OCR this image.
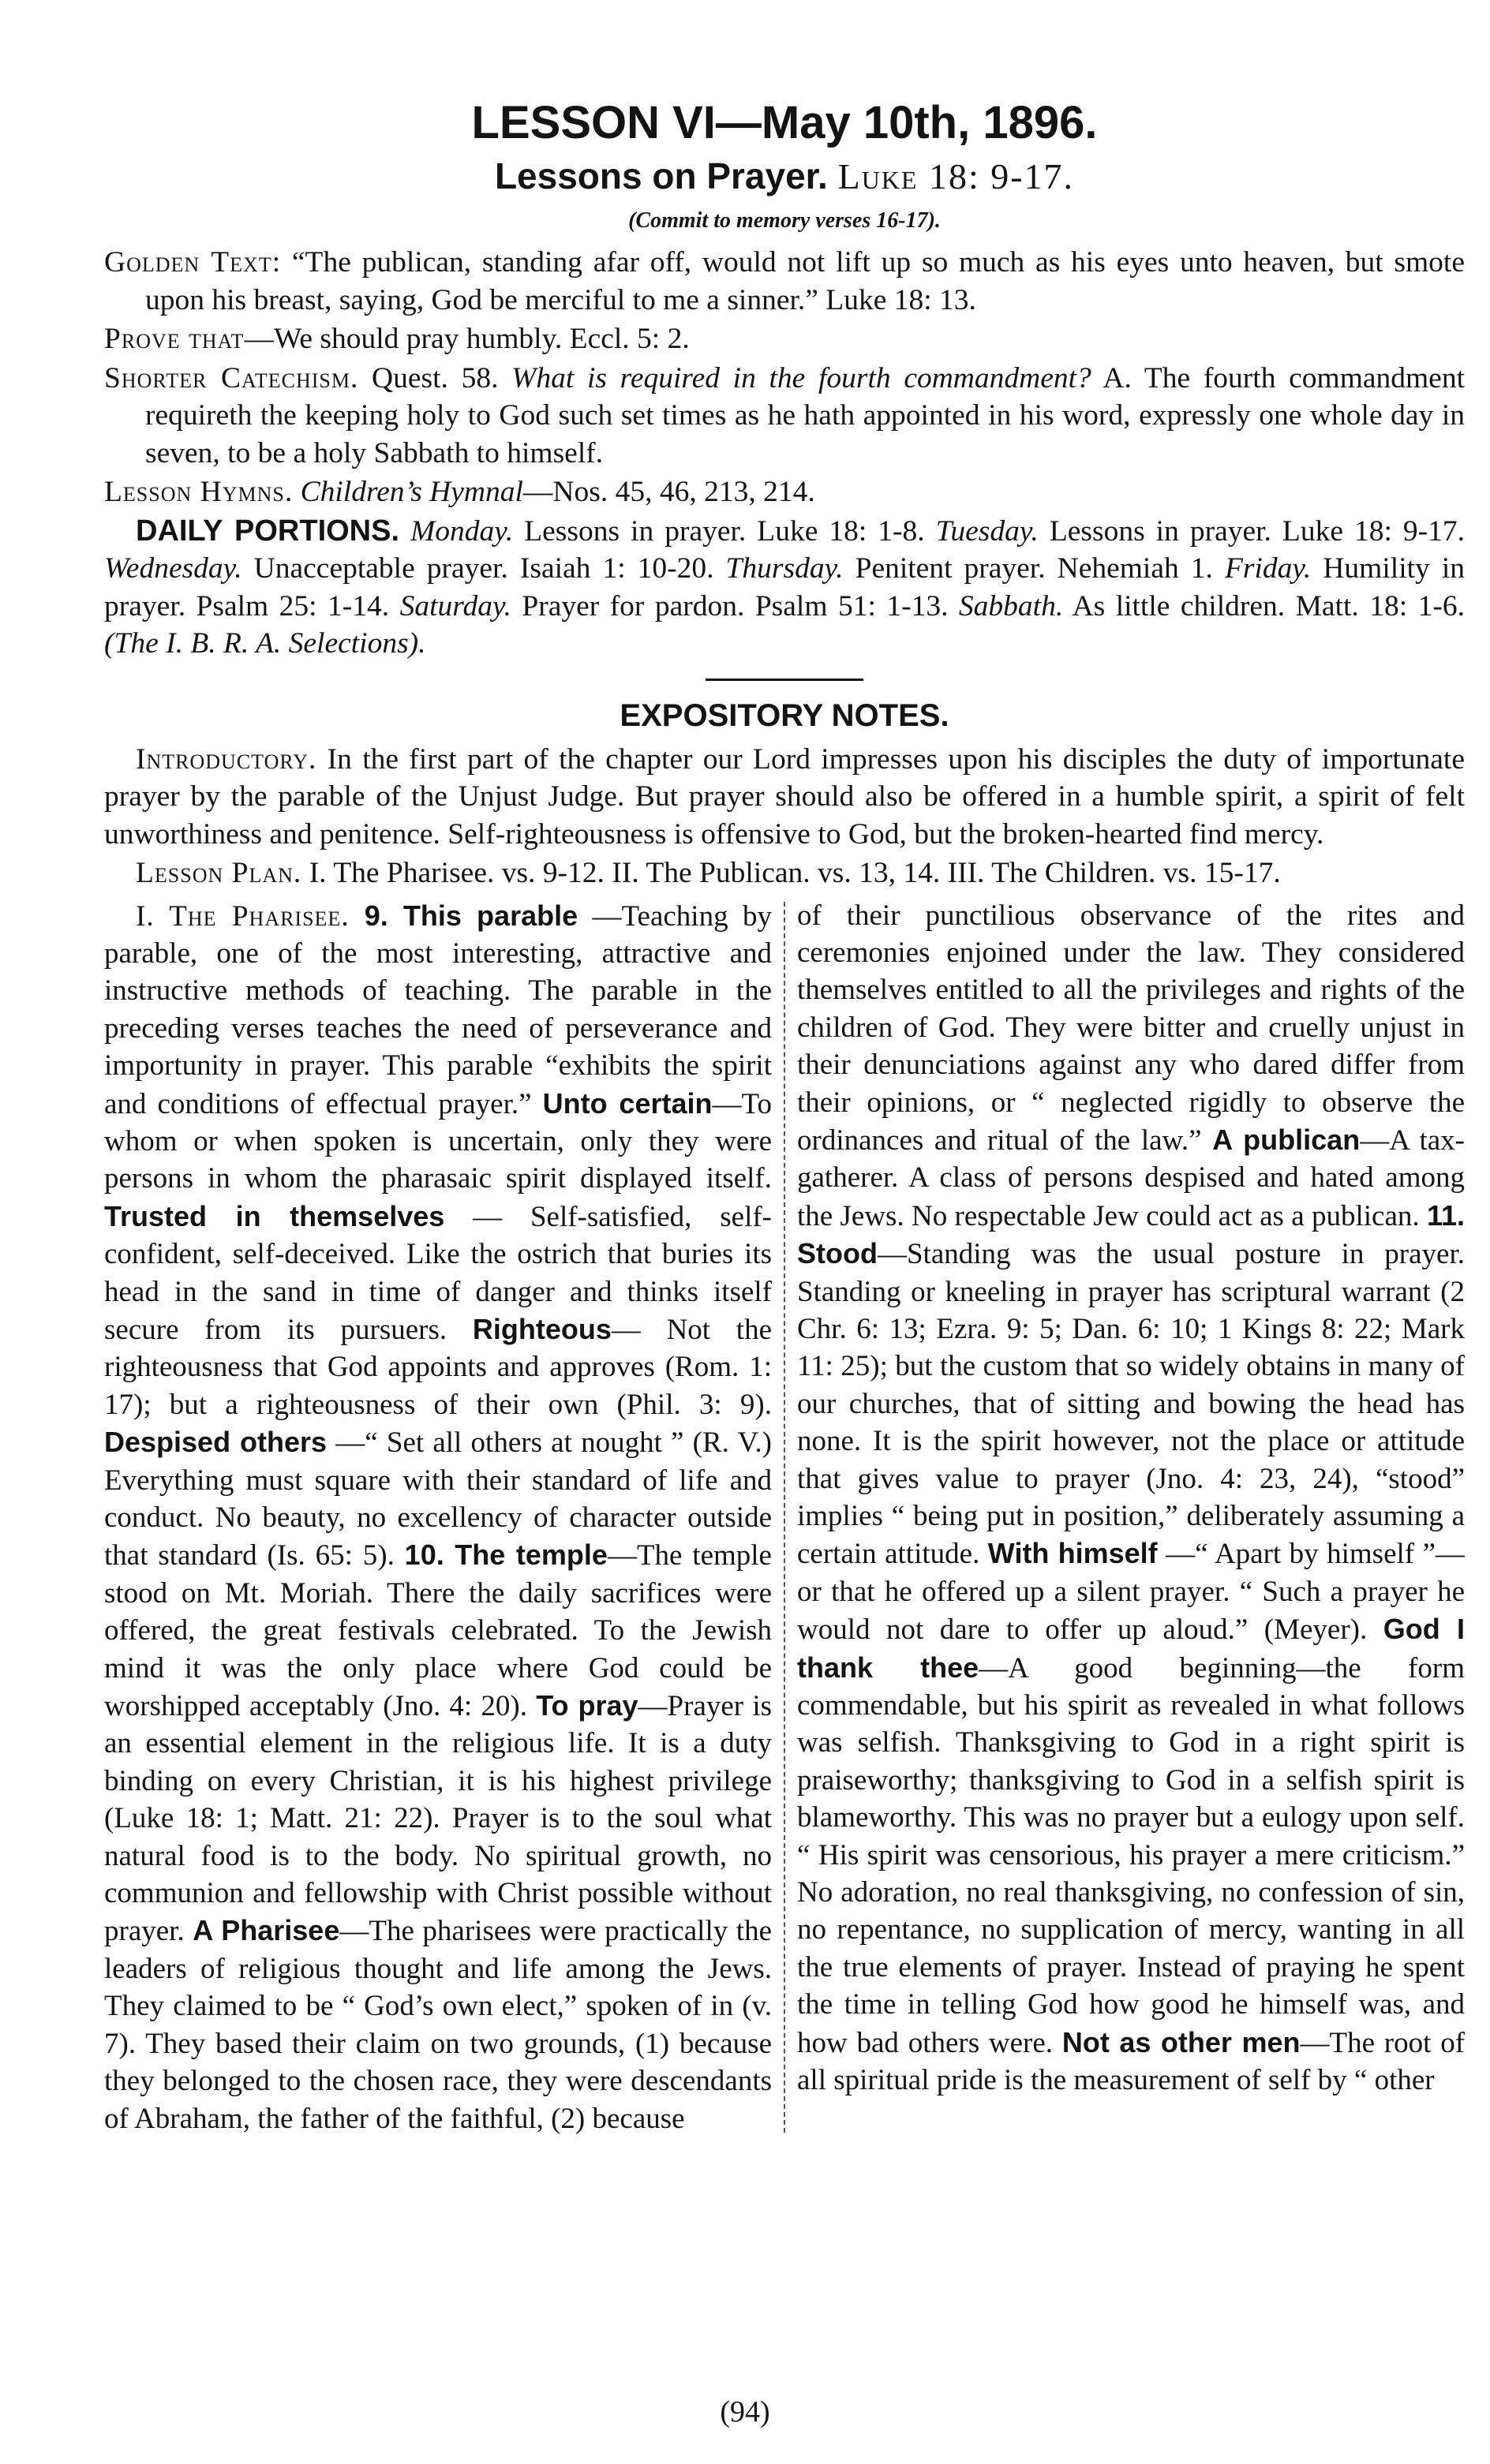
LESSON VI—May 10th, 1896.
Lessons on Prayer. Luke 18: 9-17.

(Commit to memory verses 16-17).

Golden Text: “The publican, standing afar off, would not lift up so much as his eyes unto heaven, but smote upon his breast, saying, God be merciful to me a sinner.” Luke 18: 13.

Prove that—We should pray humbly. Eccl. 5: 2.

Shorter Catechism. Quest. 58. What is required in the fourth commandment? A. The fourth commandment requireth the keeping holy to God such set times as he hath appointed in his word, expressly one whole day in seven, to be a holy Sabbath to himself.

Lesson Hymns. Children’s Hymnal—Nos. 45, 46, 213, 214.

DAILY PORTIONS. Monday. Lessons in prayer. Luke 18: 1-8. Tuesday. Lessons in prayer. Luke 18: 9-17. Wednesday. Unacceptable prayer. Isaiah 1: 10-20. Thursday. Penitent prayer. Nehemiah 1. Friday. Humility in prayer. Psalm 25: 1-14. Saturday. Prayer for pardon. Psalm 51: 1-13. Sabbath. As little children. Matt. 18: 1-6. (The I. B. R. A. Selections).

EXPOSITORY NOTES.

Introductory. In the first part of the chapter our Lord impresses upon his disciples the duty of importunate prayer by the parable of the Unjust Judge. But prayer should also be offered in a humble spirit, a spirit of felt unworthiness and penitence. Self-righteousness is offensive to God, but the broken-hearted find mercy.

Lesson Plan. I. The Pharisee. vs. 9-12. II. The Publican. vs. 13, 14. III. The Children. vs. 15-17.

I. The Pharisee. 9. This parable —Teaching by parable, one of the most interesting, attractive and instructive methods of teaching. The parable in the preceding verses teaches the need of perseverance and importunity in prayer. This parable “exhibits the spirit and conditions of effectual prayer.” Unto certain—To whom or when spoken is uncertain, only they were persons in whom the pharasaic spirit displayed itself. Trusted in themselves — Self-satisfied, self-confident, self-deceived. Like the ostrich that buries its head in the sand in time of danger and thinks itself secure from its pursuers. Righteous— Not the righteousness that God appoints and approves (Rom. 1: 17); but a righteousness of their own (Phil. 3: 9). Despised others —“ Set all others at nought ” (R. V.) Everything must square with their standard of life and conduct. No beauty, no excellency of character outside that standard (Is. 65: 5). 10. The temple—The temple stood on Mt. Moriah. There the daily sacrifices were offered, the great festivals celebrated. To the Jewish mind it was the only place where God could be worshipped acceptably (Jno. 4: 20). To pray—Prayer is an essential element in the religious life. It is a duty binding on every Christian, it is his highest privilege (Luke 18: 1; Matt. 21: 22). Prayer is to the soul what natural food is to the body. No spiritual growth, no communion and fellowship with Christ possible without prayer. A Pharisee—The pharisees were practically the leaders of religious thought and life among the Jews. They claimed to be “ God’s own elect,” spoken of in (v. 7). They based their claim on two grounds, (1) because they belonged to the chosen race, they were descendants of Abraham, the father of the faithful, (2) because
of their punctilious observance of the rites and ceremonies enjoined under the law. They considered themselves entitled to all the privileges and rights of the children of God. They were bitter and cruelly unjust in their denunciations against any who dared differ from their opinions, or “ neglected rigidly to observe the ordinances and ritual of the law.” A publican—A tax-gatherer. A class of persons despised and hated among the Jews. No respectable Jew could act as a publican. 11. Stood—Standing was the usual posture in prayer. Standing or kneeling in prayer has scriptural warrant (2 Chr. 6: 13; Ezra. 9: 5; Dan. 6: 10; 1 Kings 8: 22; Mark 11: 25); but the custom that so widely obtains in many of our churches, that of sitting and bowing the head has none. It is the spirit however, not the place or attitude that gives value to prayer (Jno. 4: 23, 24), “stood” implies “ being put in position,” deliberately assuming a certain attitude. With himself —“ Apart by himself ”—or that he offered up a silent prayer. “ Such a prayer he would not dare to offer up aloud.” (Meyer). God I thank thee—A good beginning—the form commendable, but his spirit as revealed in what follows was selfish. Thanksgiving to God in a right spirit is praiseworthy; thanksgiving to God in a selfish spirit is blameworthy. This was no prayer but a eulogy upon self. “ His spirit was censorious, his prayer a mere criticism.” No adoration, no real thanksgiving, no confession of sin, no repentance, no supplication of mercy, wanting in all the true elements of prayer. Instead of praying he spent the time in telling God how good he himself was, and how bad others were. Not as other men—The root of all spiritual pride is the measurement of self by “ other
(94)
